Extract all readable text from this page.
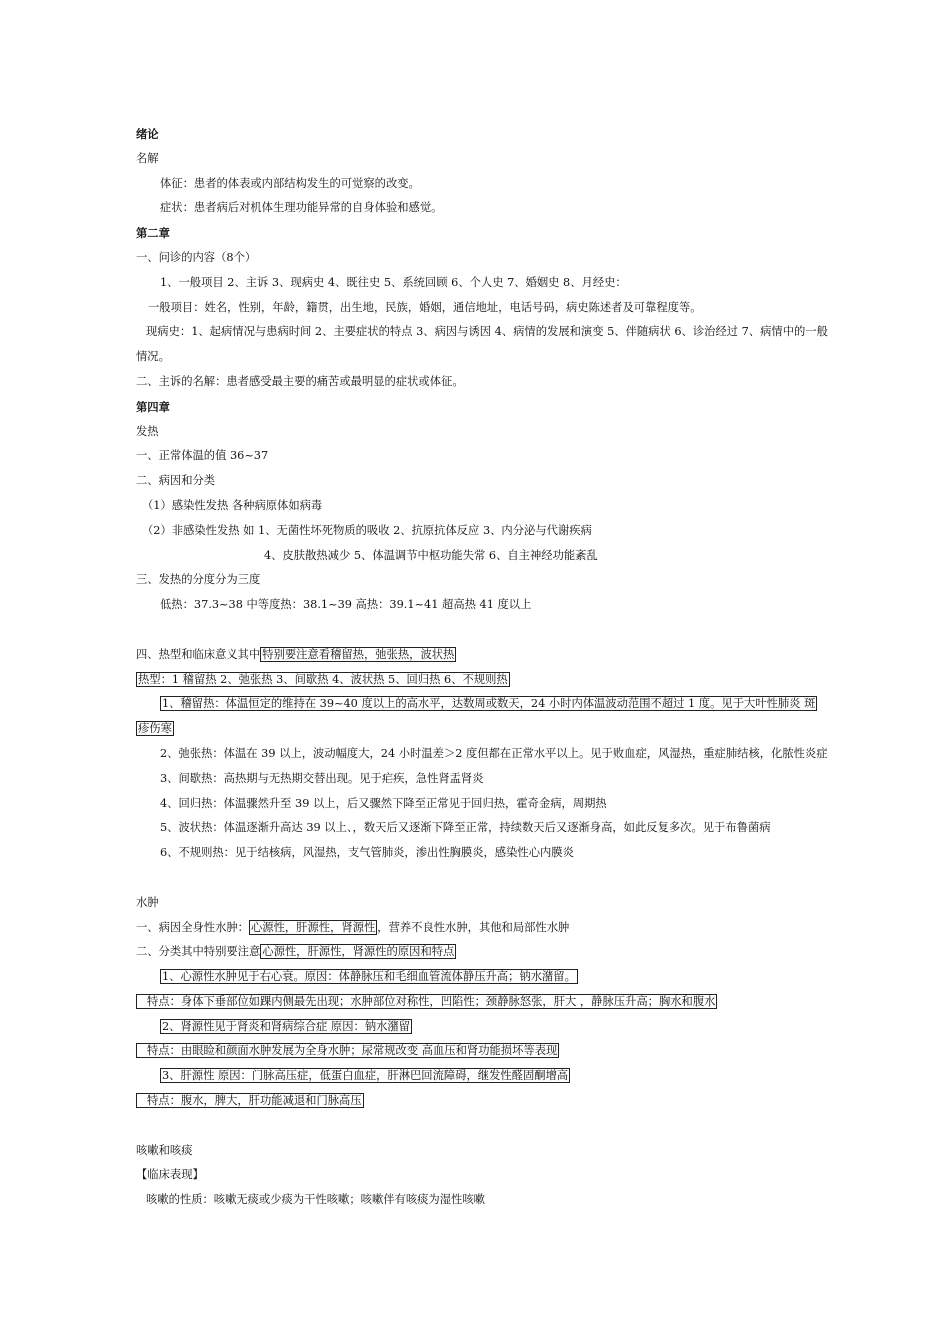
绪论
名解
体征：患者的体表或内部结构发生的可觉察的改变。
症状：患者病后对机体生理功能异常的自身体验和感觉。
第二章
一、问诊的内容（8个）
1、一般项目 2、主诉 3、现病史 4、既往史 5、系统回顾 6、个人史 7、婚姻史 8、月经史：
一般项目：姓名，性别，年龄，籍贯，出生地，民族，婚姻，通信地址，电话号码，病史陈述者及可靠程度等。
现病史：1、起病情况与患病时间 2、主要症状的特点 3、病因与诱因 4、病情的发展和演变 5、伴随病状 6、诊治经过 7、病情中的一般
情况。
二、主诉的名解：患者感受最主要的痛苦或最明显的症状或体征。
第四章
发热
一、正常体温的值 36~37
二、病因和分类
（1）感染性发热 各种病原体如病毒
（2）非感染性发热 如 1、无菌性坏死物质的吸收 2、抗原抗体反应 3、内分泌与代谢疾病
4、皮肤散热减少 5、体温调节中枢功能失常 6、自主神经功能紊乱
三、发热的分度分为三度
低热：37.3~38 中等度热：38.1~39 高热：39.1~41 超高热 41 度以上
四、热型和临床意义其中 特别要注意看稽留热，弛张热，波状热
热型：1 稽留热 2、弛张热 3、间歇热 4、波状热 5、回归热 6、不规则热
1、稽留热：体温恒定的维持在 39~40 度以上的高水平，达数周或数天，24 小时内体温波动范围不超过 1 度。见于大叶性肺炎 斑
疹伤寒
2、弛张热：体温在 39 以上，波动幅度大，24 小时温差＞2 度但都在正常水平以上。见于败血症，风湿热，重症肺结核，化脓性炎症
3、间歇热：高热期与无热期交替出现。见于疟疾，急性肾盂肾炎
4、回归热：体温骤然升至 39 以上，后又骤然下降至正常见于回归热，霍奇金病，周期热
5、波状热：体温逐渐升高达 39 以上、，数天后又逐渐下降至正常，持续数天后又逐渐身高，如此反复多次。见于布鲁菌病
6、不规则热：见于结核病，风湿热，支气管肺炎，渗出性胸膜炎，感染性心内膜炎
水肿
一、病因全身性水肿： 心源性，肝源性，肾源性 ，营养不良性水肿，其他和局部性水肿
二、分类其中特别要注意 心源性，肝源性，肾源性的原因和特点
1、心源性水肿见于右心衰。原因：体静脉压和毛细血管流体静压升高；钠水潴留。
特点：身体下垂部位如踝内侧最先出现；水肿部位对称性，凹陷性；颈静脉怒张，肝大 ，静脉压升高；胸水和腹水
2、肾源性见于肾炎和肾病综合症 原因：钠水潴留
特点：由眼睑和颜面水肿发展为全身水肿；尿常规改变 高血压和肾功能损坏等表现
3、肝源性 原因：门脉高压症，低蛋白血症，肝淋巴回流障碍，继发性醛固酮增高
特点：腹水，脾大，肝功能减退和门脉高压
咳嗽和咳痰
【临床表现】
咳嗽的性质：咳嗽无痰或少痰为干性咳嗽；咳嗽伴有咳痰为湿性咳嗽
